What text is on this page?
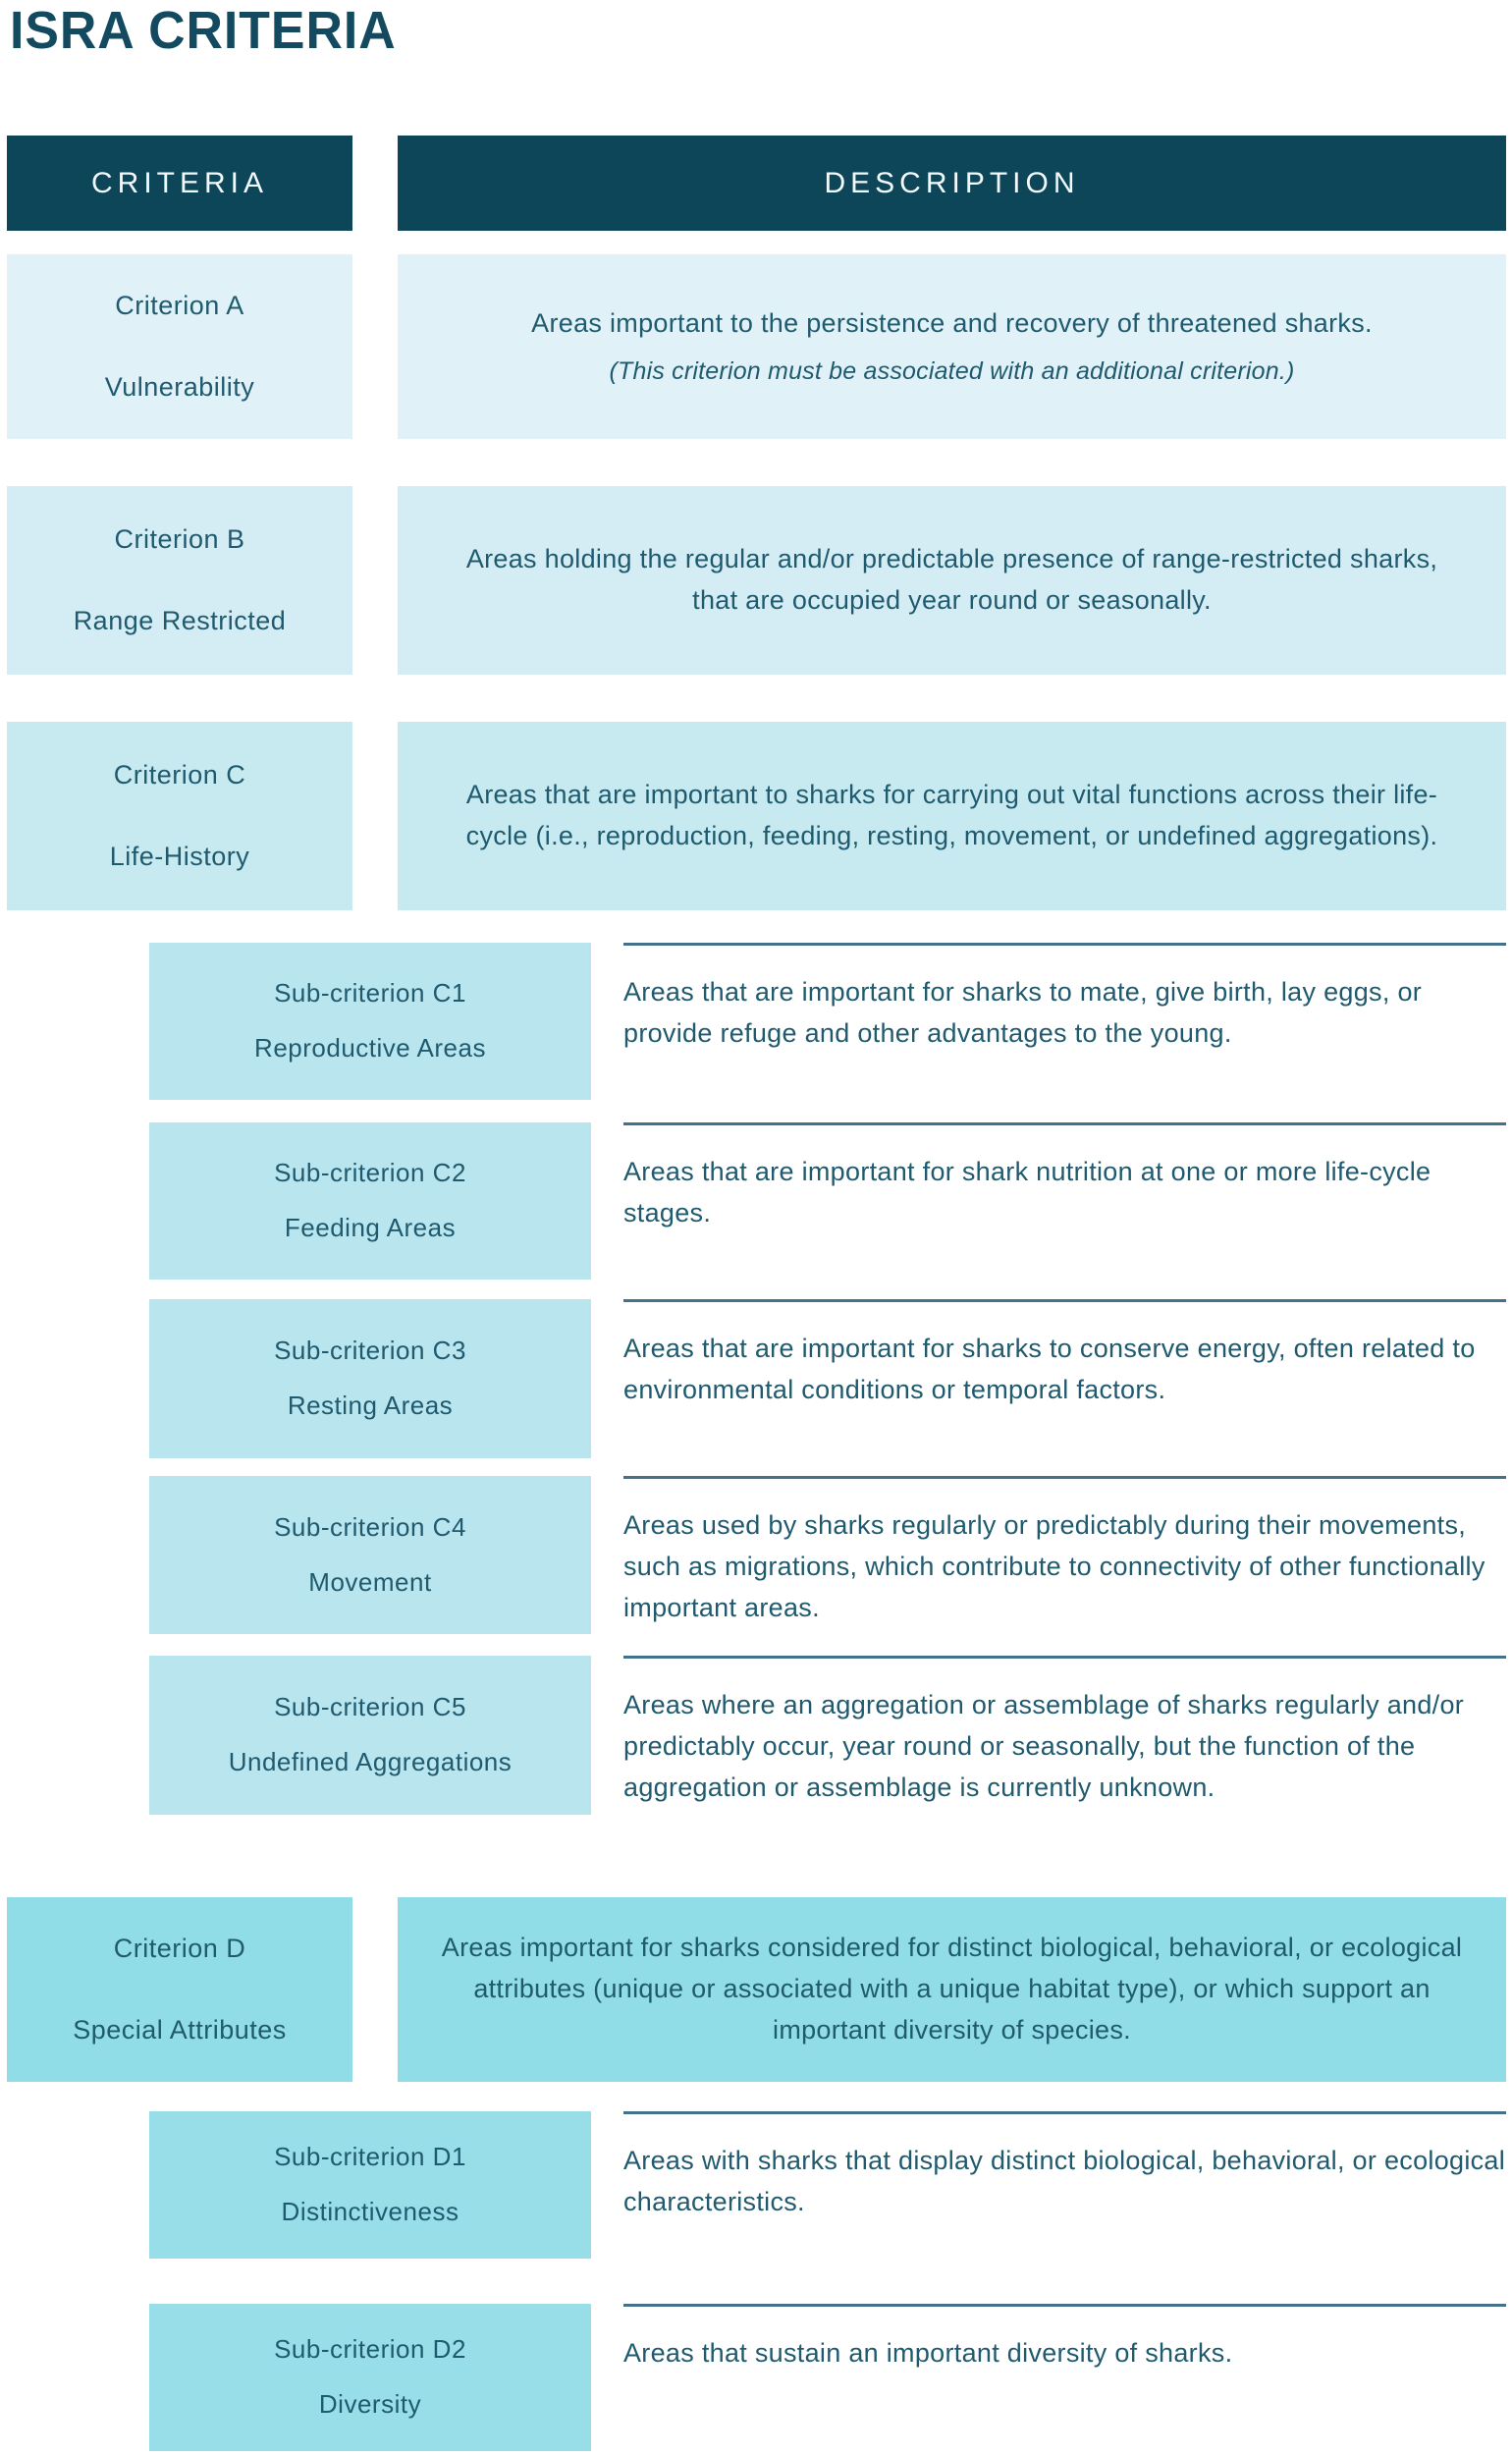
ISRA CRITERIA
CRITERIA	DESCRIPTION
Criterion A
Vulnerability

Areas important to the persistence and recovery of threatened sharks.

(This criterion must be associated with an additional criterion.)

Criterion B
Range Restricted

Areas holding the regular and/or predictable presence of range-restricted sharks, that are occupied year round or seasonally.

Criterion C
Life-History

Areas that are important to sharks for carrying out vital functions across their life-cycle (i.e., reproduction, feeding, resting, movement, or undefined aggregations).

Sub-criterion C1
Reproductive Areas

Areas that are important for sharks to mate, give birth, lay eggs, or provide refuge and other advantages to the young.

Sub-criterion C2
Feeding Areas

Areas that are important for shark nutrition at one or more life-cycle stages.

Sub-criterion C3
Resting Areas

Areas that are important for sharks to conserve energy, often related to environmental conditions or temporal factors.

Sub-criterion C4
Movement

Areas used by sharks regularly or predictably during their movements, such as migrations, which contribute to connectivity of other functionally important areas.

Sub-criterion C5
Undefined Aggregations

Areas where an aggregation or assemblage of sharks regularly and/or predictably occur, year round or seasonally, but the function of the aggregation or assemblage is currently unknown.

Criterion D
Special Attributes

Areas important for sharks considered for distinct biological, behavioral, or ecological attributes (unique or associated with a unique habitat type), or which support an important diversity of species.

Sub-criterion D1
Distinctiveness

Areas with sharks that display distinct biological, behavioral, or ecological characteristics.

Sub-criterion D2
Diversity

Areas that sustain an important diversity of sharks.
